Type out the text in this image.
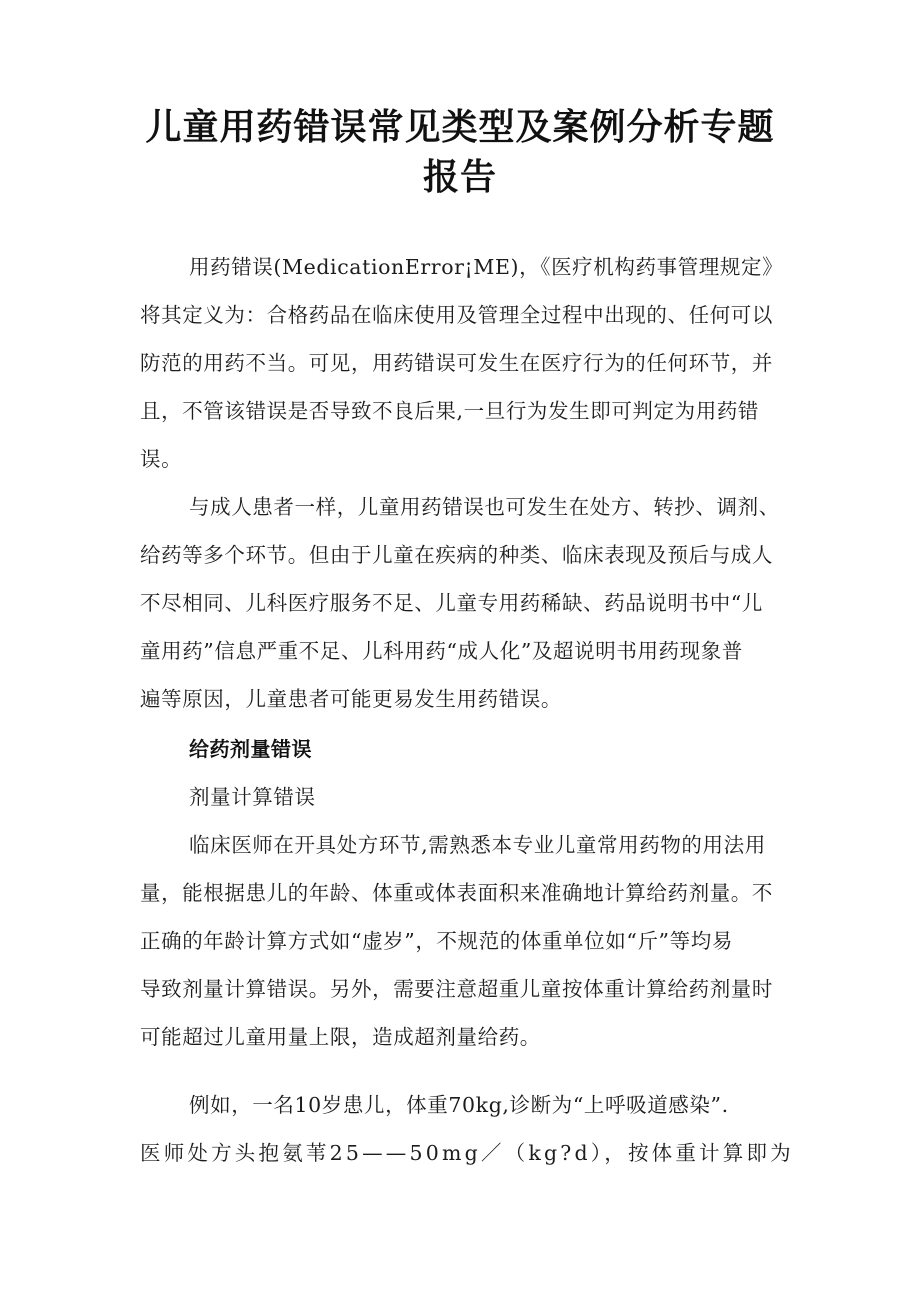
儿童用药错误常见类型及案例分析专题
报告
用药错误(MedicationError¡ME)，《医疗机构药事管理规定》
将其定义为：合格药品在临床使用及管理全过程中出现的、任何可以
防范的用药不当。可见，用药错误可发生在医疗行为的任何环节，并
且，不管该错误是否导致不良后果,一旦行为发生即可判定为用药错
误。
与成人患者一样，儿童用药错误也可发生在处方、转抄、调剂、
给药等多个环节。但由于儿童在疾病的种类、临床表现及预后与成人
不尽相同、儿科医疗服务不足、儿童专用药稀缺、药品说明书中“儿
童用药”信息严重不足、儿科用药“成人化”及超说明书用药现象普
遍等原因，儿童患者可能更易发生用药错误。
给药剂量错误
剂量计算错误
临床医师在开具处方环节,需熟悉本专业儿童常用药物的用法用
量，能根据患儿的年龄、体重或体表面积来准确地计算给药剂量。不
正确的年龄计算方式如“虚岁”，不规范的体重单位如“斤”等均易
导致剂量计算错误。另外，需要注意超重儿童按体重计算给药剂量时
可能超过儿童用量上限，造成超剂量给药。
例如，一名10岁患儿，体重70kg,诊断为“上呼吸道感染”.
医师处方头抱氨苇25——50mg／（kg?d），按体重计算即为
